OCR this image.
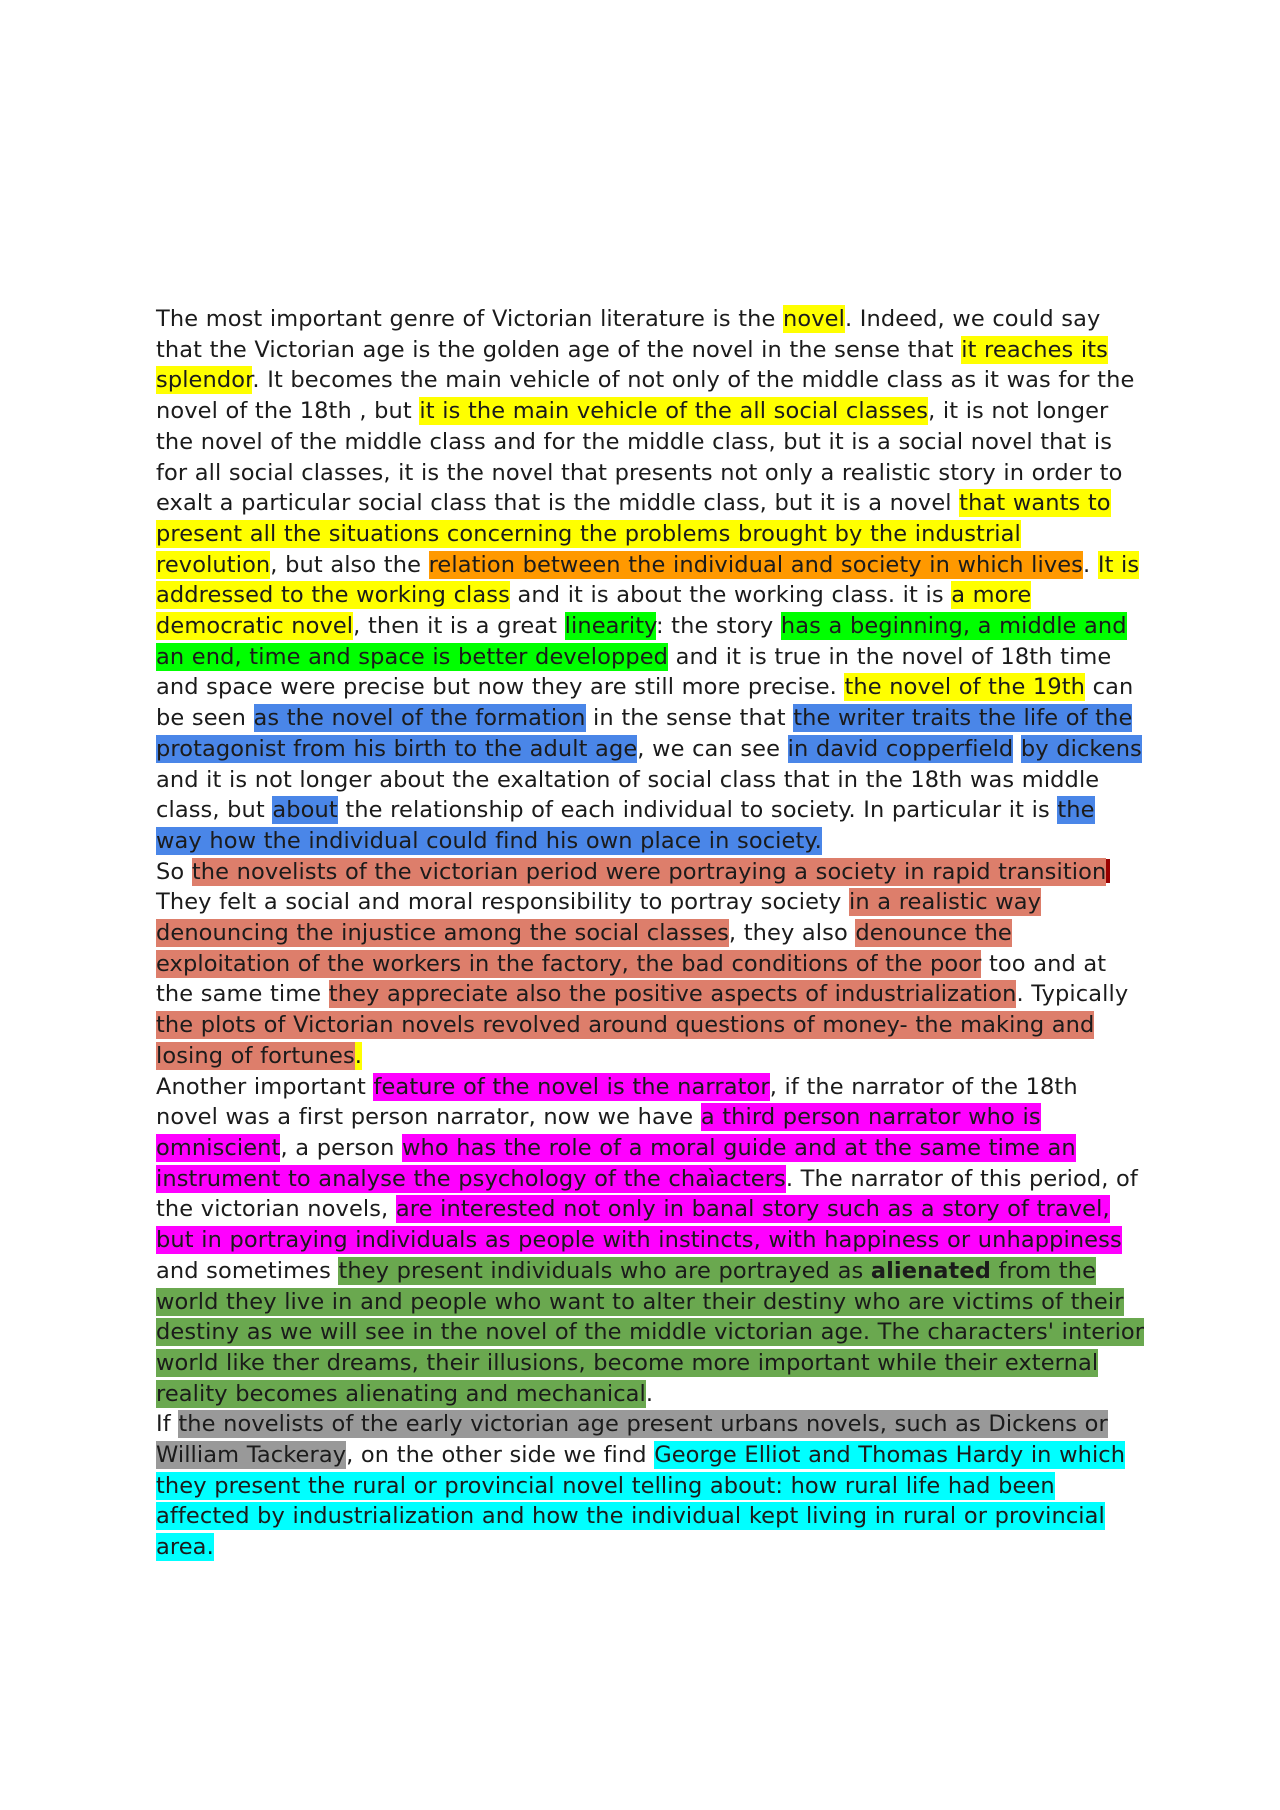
The most important genre of Victorian literature is the novel. Indeed, we could say that the Victorian age is the golden age of the novel in the sense that it reaches its splendor. It becomes the main vehicle of not only of the middle class as it was for the novel of the 18th , but it is the main vehicle of the all social classes, it is not longer the novel of the middle class and for the middle class, but it is a social novel that is for all social classes, it is the novel that presents not only a realistic story in order to exalt a particular social class that is the middle class, but it is a novel that wants to present all the situations concerning the problems brought by the industrial revolution, but also the relation between the individual and society in which lives. It is addressed to the working class and it is about the working class. it is a more democratic novel, then it is a great linearity: the story has a beginning, a middle and an end, time and space is better developped and it is true in the novel of 18th time and space were precise but now they are still more precise. the novel of the 19th can be seen as the novel of the formation in the sense that the writer traits the life of the protagonist from his birth to the adult age, we can see in david copperfield by dickens and it is not longer about the exaltation of social class that in the 18th was middle class, but about the relationship of each individual to society. In particular it is the way how the individual could find his own place in society.

So the novelists of the victorian period were portraying a society in rapid transition They felt a social and moral responsibility to portray society in a realistic way denouncing the injustice among the social classes, they also denounce the exploitation of the workers in the factory, the bad conditions of the poor too and at the same time they appreciate also the positive aspects of industrialization. Typically the plots of Victorian novels revolved around questions of money- the making and losing of fortunes.

Another important feature of the novel is the narrator, if the narrator of the 18th novel was a first person narrator, now we have a third person narrator who is omniscient, a person who has the role of a moral guide and at the same time an instrument to analyse the psychology of the chaìacters. The narrator of this period, of the victorian novels, are interested not only in banal story such as a story of travel, but in portraying individuals as people with instincts, with happiness or unhappiness and sometimes they present individuals who are portrayed as alienated from the world they live in and people who want to alter their destiny who are victims of their destiny as we will see in the novel of the middle victorian age. The characters' interior world like ther dreams, their illusions, become more important while their external reality becomes alienating and mechanical.

If the novelists of the early victorian age present urbans novels, such as Dickens or William Tackeray, on the other side we find George Elliot and Thomas Hardy in which they present the rural or provincial novel telling about: how rural life had been affected by industrialization and how the individual kept living in rural or provincial area.
